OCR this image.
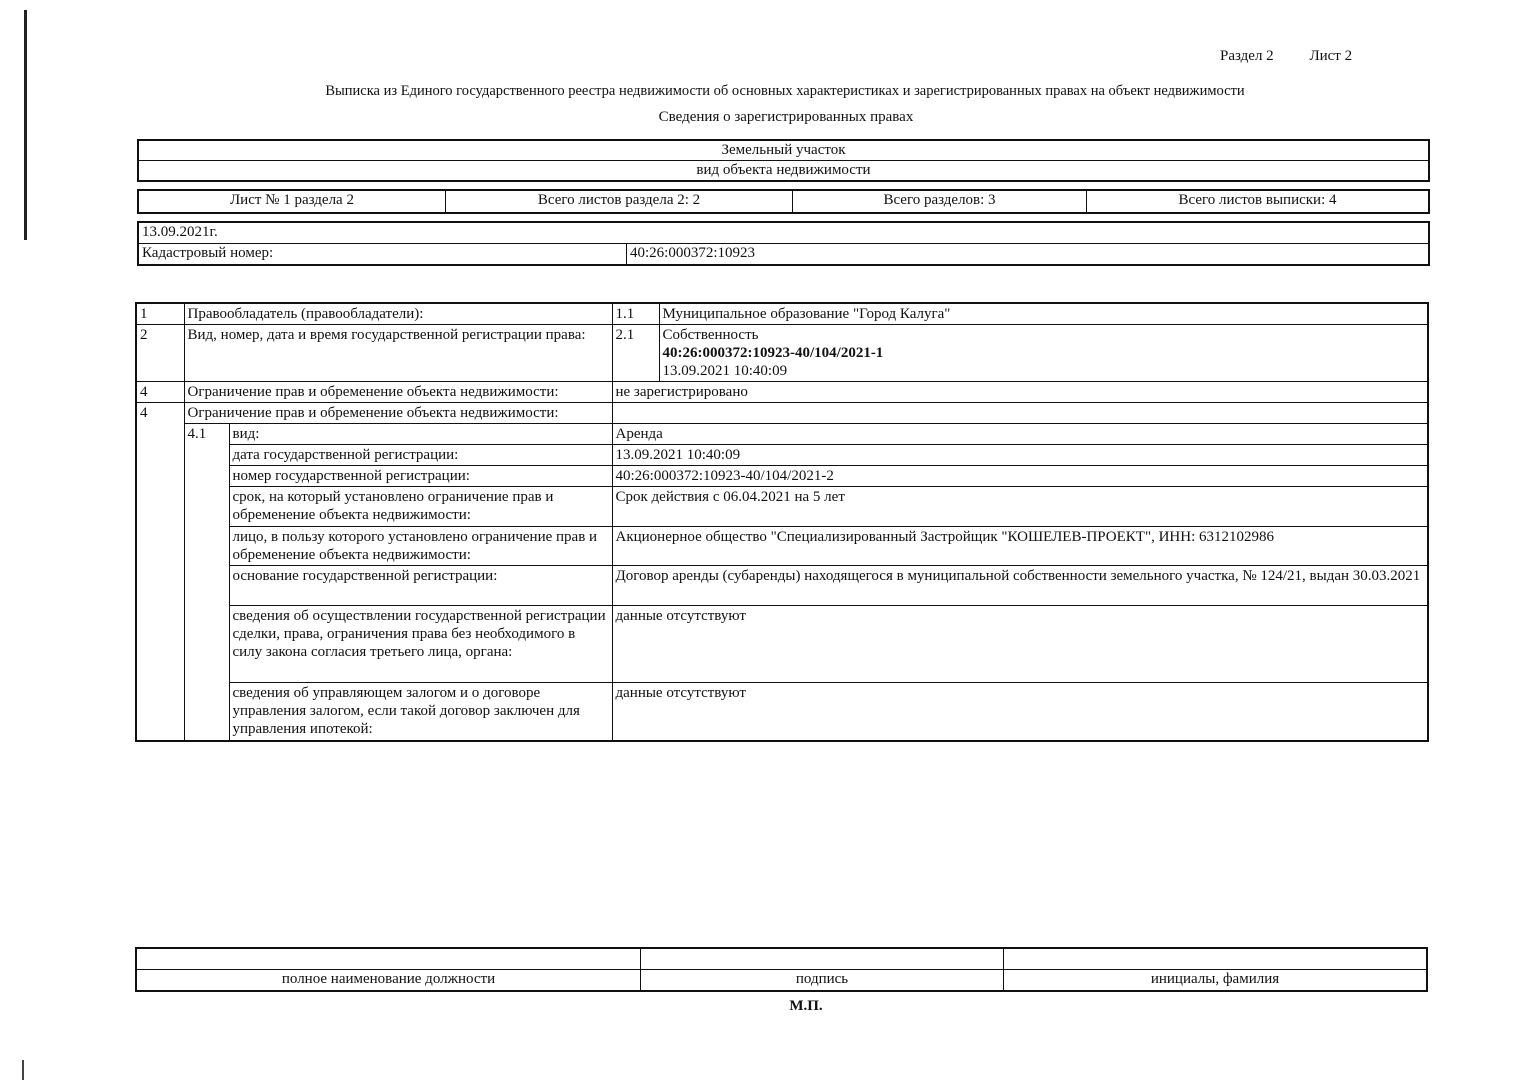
Раздел 2 Лист 2
Выписка из Единого государственного реестра недвижимости об основных характеристиках и зарегистрированных правах на объект недвижимости
Сведения о зарегистрированных правах
Земельный участок
вид объекта недвижимости
Лист № 1 раздела 2	Всего листов раздела 2: 2	Всего разделов: 3	Всего листов выписки: 4
13.09.2021г.
Кадастровый номер:	40:26:000372:10923
1	Правообладатель (правообладатели):		1.1	Муниципальное образование "Город Калуга"
2	Вид, номер, дата и время государственной регистрации права:		2.1	Собственность
40:26:000372:10923-40/104/2021-1
13.09.2021 10:40:09

4	Ограничение прав и обременение объекта недвижимости:		не зарегистрировано	
4	Ограничение прав и обременение объекта недвижимости:			
	4.1	вид:	Аренда	
		дата государственной регистрации:	13.09.2021 10:40:09	
		номер государственной регистрации:	40:26:000372:10923-40/104/2021-2	
		срок, на который установлено ограничение прав и обременение объекта недвижимости:	Срок действия с 06.04.2021 на 5 лет	
		лицо, в пользу которого установлено ограничение прав и обременение объекта недвижимости:	Акционерное общество "Специализированный Застройщик "КОШЕЛЕВ-ПРОЕКТ", ИНН: 6312102986	
		основание государственной регистрации:	Договор аренды (субаренды) находящегося в муниципальной собственности земельного участка, № 124/21, выдан 30.03.2021	
		сведения об осуществлении государственной регистрации сделки, права, ограничения права без необходимого в силу закона согласия третьего лица, органа:	данные отсутствуют	
		сведения об управляющем залогом и о договоре управления залогом, если такой договор заключен для управления ипотекой:	данные отсутствуют	

полное наименование должности	подпись	инициалы, фамилия
М.П.
